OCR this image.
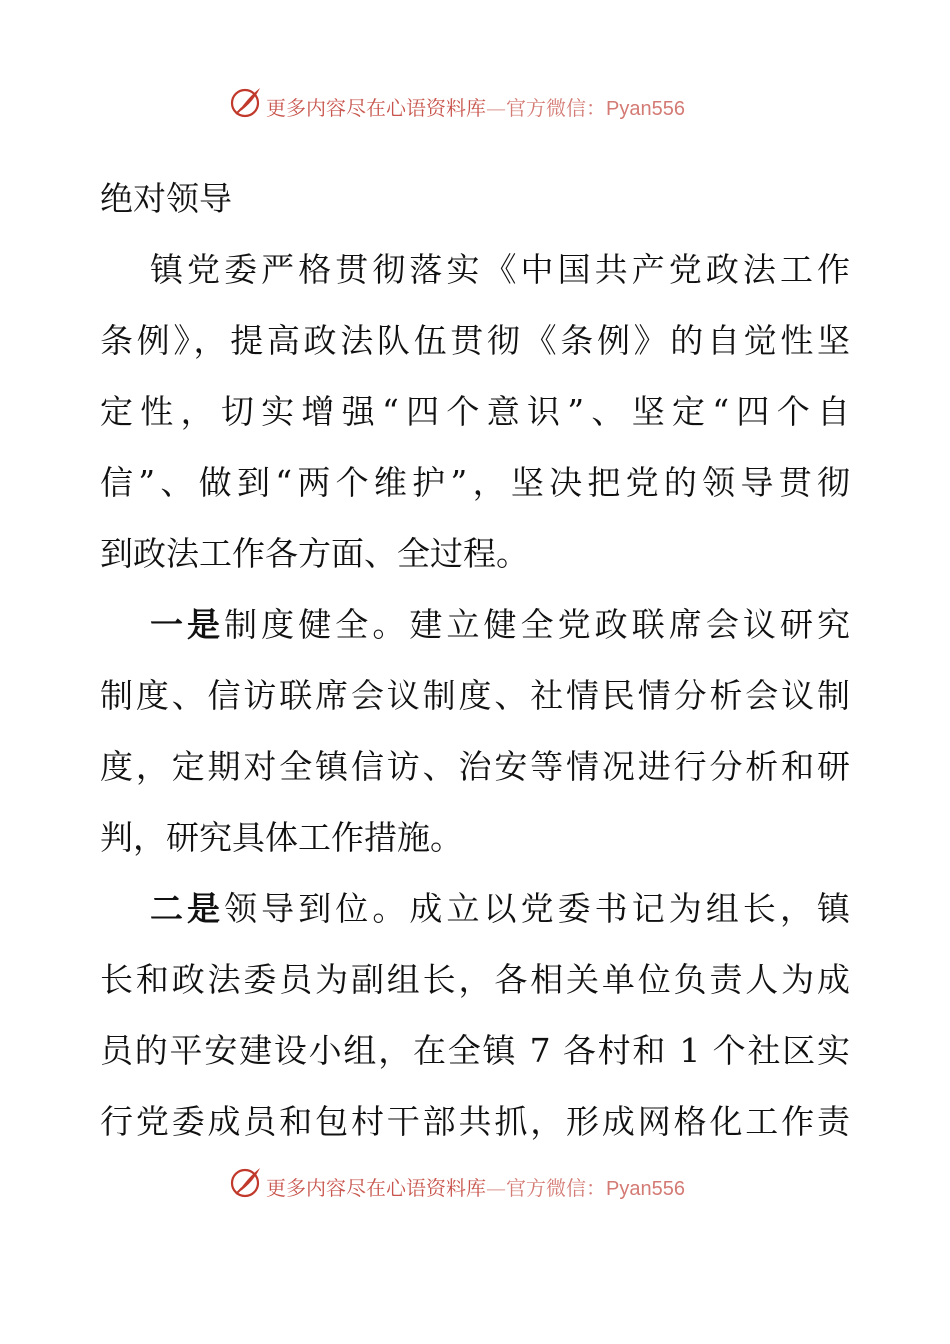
更多内容尽在心语资料库—官方微信：Pyan556
绝对领导
镇党委严格贯彻落实《中国共产党政法工作
条例》，提高政法队伍贯彻《条例》的自觉性坚
定性，切实增强“四个意识”、坚定“四个自
信”、做到“两个维护”，坚决把党的领导贯彻
到政法工作各方面、全过程。
一是制度健全。建立健全党政联席会议研究
制度、信访联席会议制度、社情民情分析会议制
度，定期对全镇信访、治安等情况进行分析和研
判，研究具体工作措施。
二是领导到位。成立以党委书记为组长，镇
长和政法委员为副组长，各相关单位负责人为成
员的平安建设小组，在全镇 7 各村和 1 个社区实
行党委成员和包村干部共抓，形成网格化工作责
更多内容尽在心语资料库—官方微信：Pyan556
